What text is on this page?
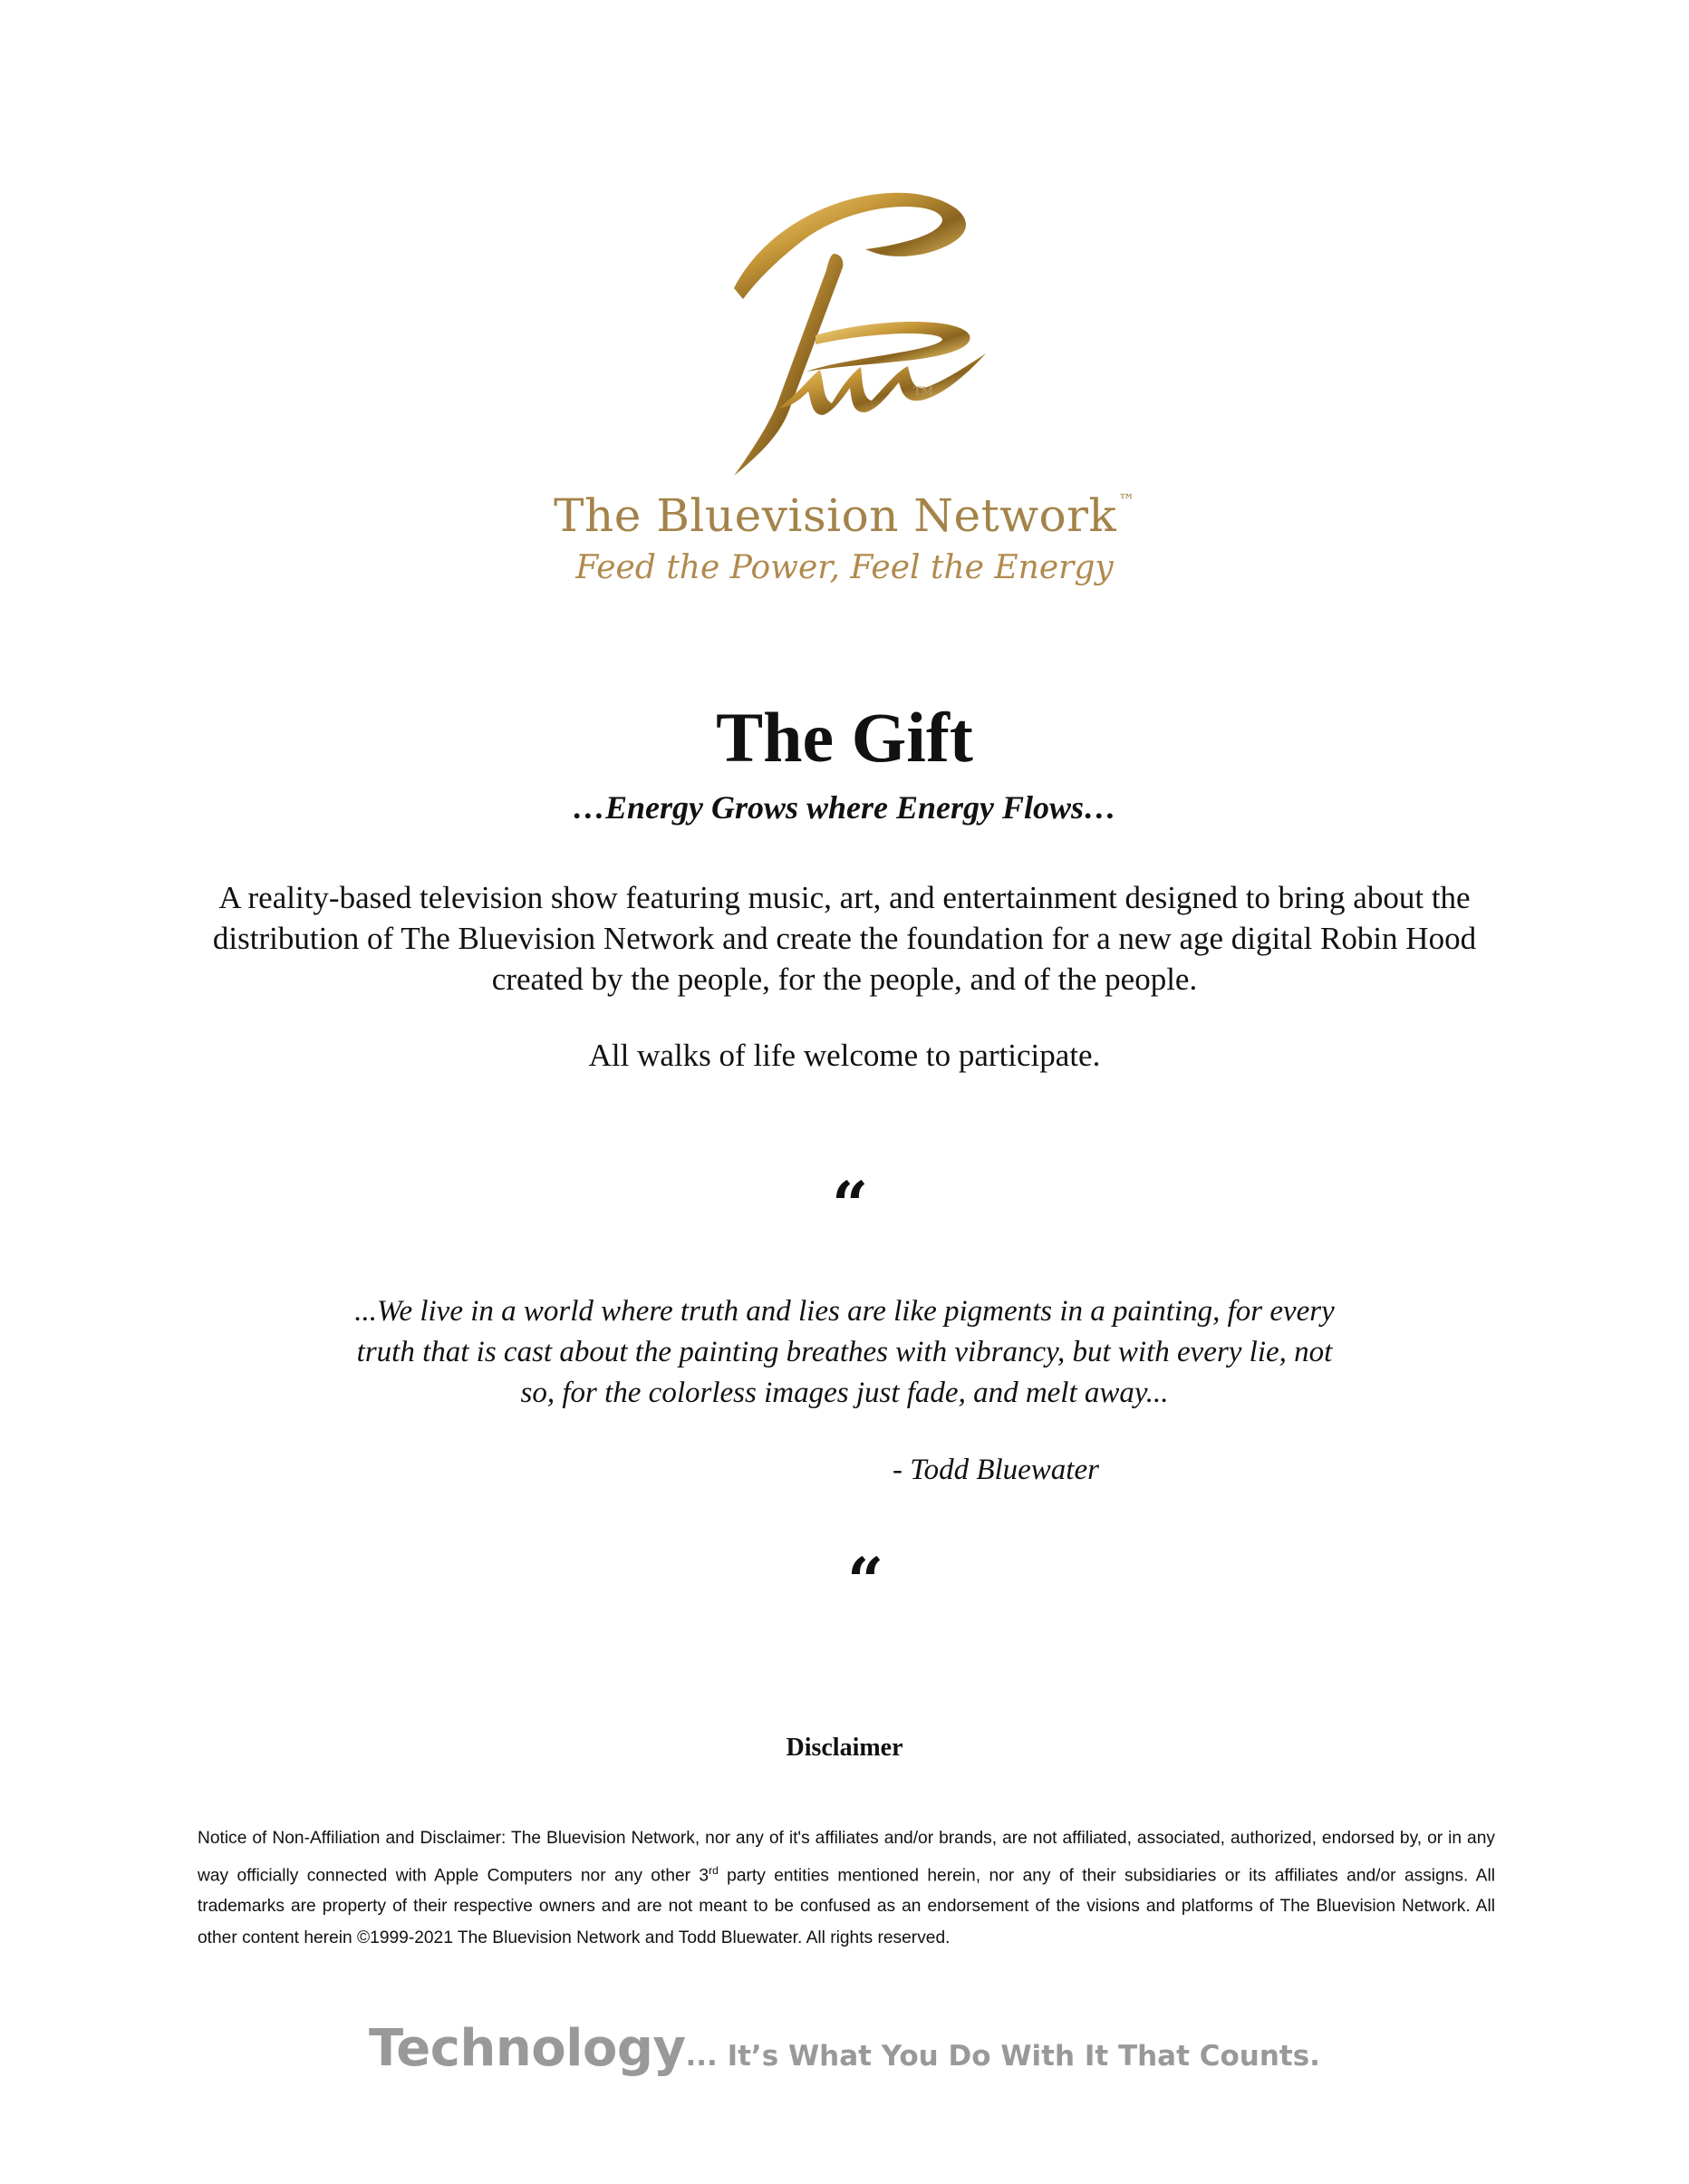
TM
The Bluevision Network ™
Feed the Power, Feel the Energy
The Gift
…Energy Grows where Energy Flows…
A reality-based television show featuring music, art, and entertainment designed to bring about the
distribution of The Bluevision Network and create the foundation for a new age digital Robin Hood
created by the people, for the people, and of the people.
All walks of life welcome to participate.
“
...We live in a world where truth and lies are like pigments in a painting, for every
truth that is cast about the painting breathes with vibrancy, but with every lie, not
so, for the colorless images just fade, and melt away...
- Todd Bluewater
“
Disclaimer
Notice of Non-Affiliation and Disclaimer: The Bluevision Network, nor any of it's affiliates and/or brands, are not affiliated, associated, authorized, endorsed by, or in any way officially connected with Apple Computers nor any other 3rd party entities mentioned herein, nor any of their subsidiaries or its affiliates and/or assigns. All trademarks are property of their respective owners and are not meant to be confused as an endorsement of the visions and platforms of The Bluevision Network. All other content herein ©1999-2021 The Bluevision Network and Todd Bluewater. All rights reserved.
Technology... It’s What You Do With It That Counts.
